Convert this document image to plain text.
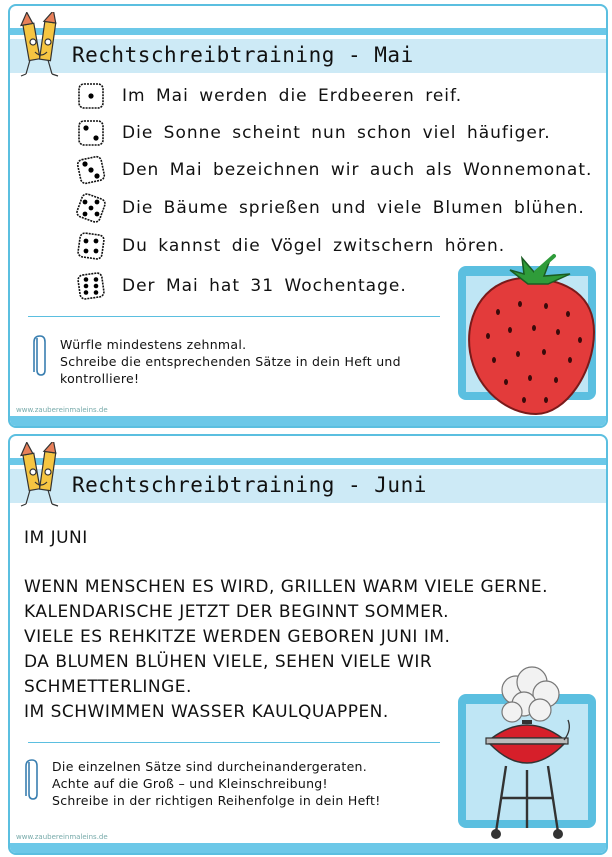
Rechtschreibtraining - Mai
Im Mai werden die Erdbeeren reif.
Die Sonne scheint nun schon viel häufiger.
Den Mai bezeichnen wir auch als Wonnemonat.
Die Bäume sprießen und viele Blumen blühen.
Du kannst die Vögel zwitschern hören.
Der Mai hat 31 Wochentage.
Würfle mindestens zehnmal.
Schreibe die entsprechenden Sätze in dein Heft und
kontrolliere!
www.zaubereinmaleins.de
Rechtschreibtraining - Juni
IM JUNI
WENN MENSCHEN ES WIRD, GRILLEN WARM VIELE GERNE.
KALENDARISCHE JETZT DER BEGINNT SOMMER.
VIELE ES REHKITZE WERDEN GEBOREN JUNI IM.
DA BLUMEN BLÜHEN VIELE, SEHEN VIELE WIR
SCHMETTERLINGE.
IM SCHWIMMEN WASSER KAULQUAPPEN.
Die einzelnen Sätze sind durcheinandergeraten.
Achte auf die Groß – und Kleinschreibung!
Schreibe in der richtigen Reihenfolge in dein Heft!
www.zaubereinmaleins.de
